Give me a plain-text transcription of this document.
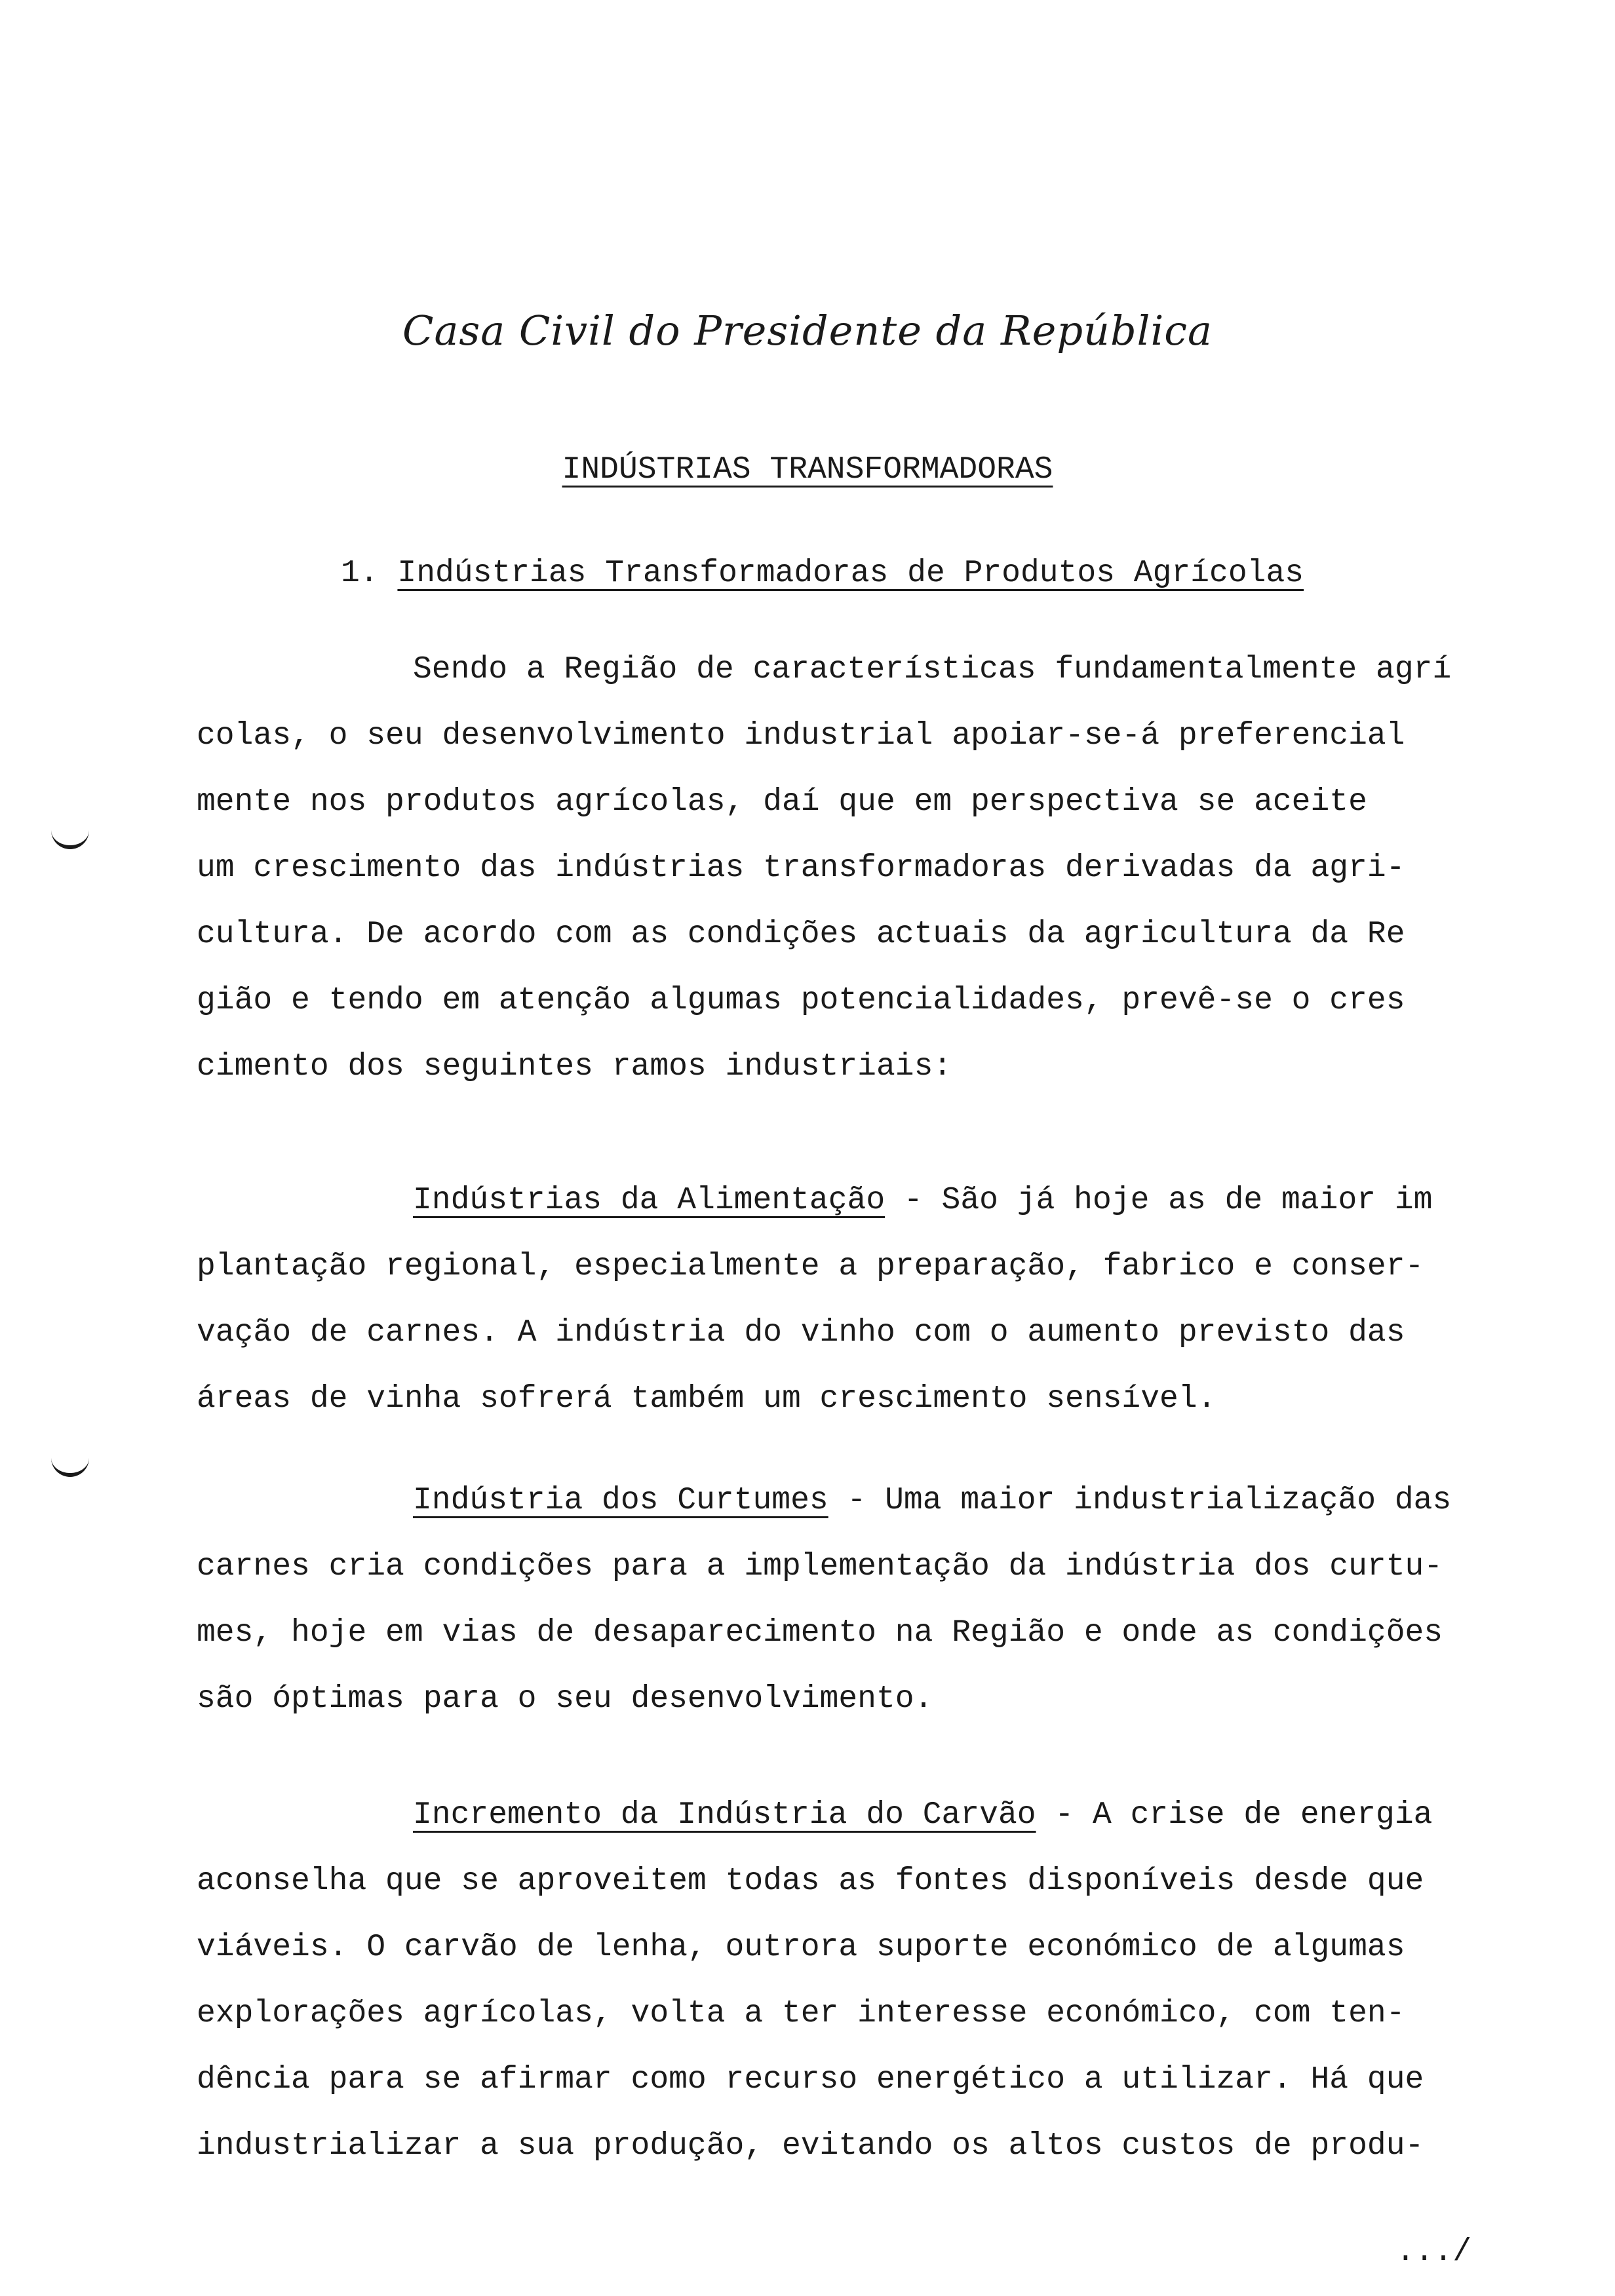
Casa Civil do Presidente da República
INDÚSTRIAS TRANSFORMADORAS
1. Indústrias Transformadoras de Produtos Agrícolas
Sendo a Região de características fundamentalmente agrí
colas, o seu desenvolvimento industrial apoiar-se-á preferencial
mente nos produtos agrícolas, daí que em perspectiva se aceite
um crescimento das indústrias transformadoras derivadas da agri-
cultura. De acordo com as condições actuais da agricultura da Re
gião e tendo em atenção algumas potencialidades, prevê-se o cres
cimento dos seguintes ramos industriais:
Indústrias da Alimentação - São já hoje as de maior im
plantação regional, especialmente a preparação, fabrico e conser-
vação de carnes. A indústria do vinho com o aumento previsto das
áreas de vinha sofrerá também um crescimento sensível.
Indústria dos Curtumes - Uma maior industrialização das
carnes cria condições para a implementação da indústria dos curtu-
mes, hoje em vias de desaparecimento na Região e onde as condições
são óptimas para o seu desenvolvimento.
Incremento da Indústria do Carvão - A crise de energia
aconselha que se aproveitem todas as fontes disponíveis desde que
viáveis. O carvão de lenha, outrora suporte económico de algumas
explorações agrícolas, volta a ter interesse económico, com ten-
dência para se afirmar como recurso energético a utilizar. Há que
industrializar a sua produção, evitando os altos custos de produ-
.../
